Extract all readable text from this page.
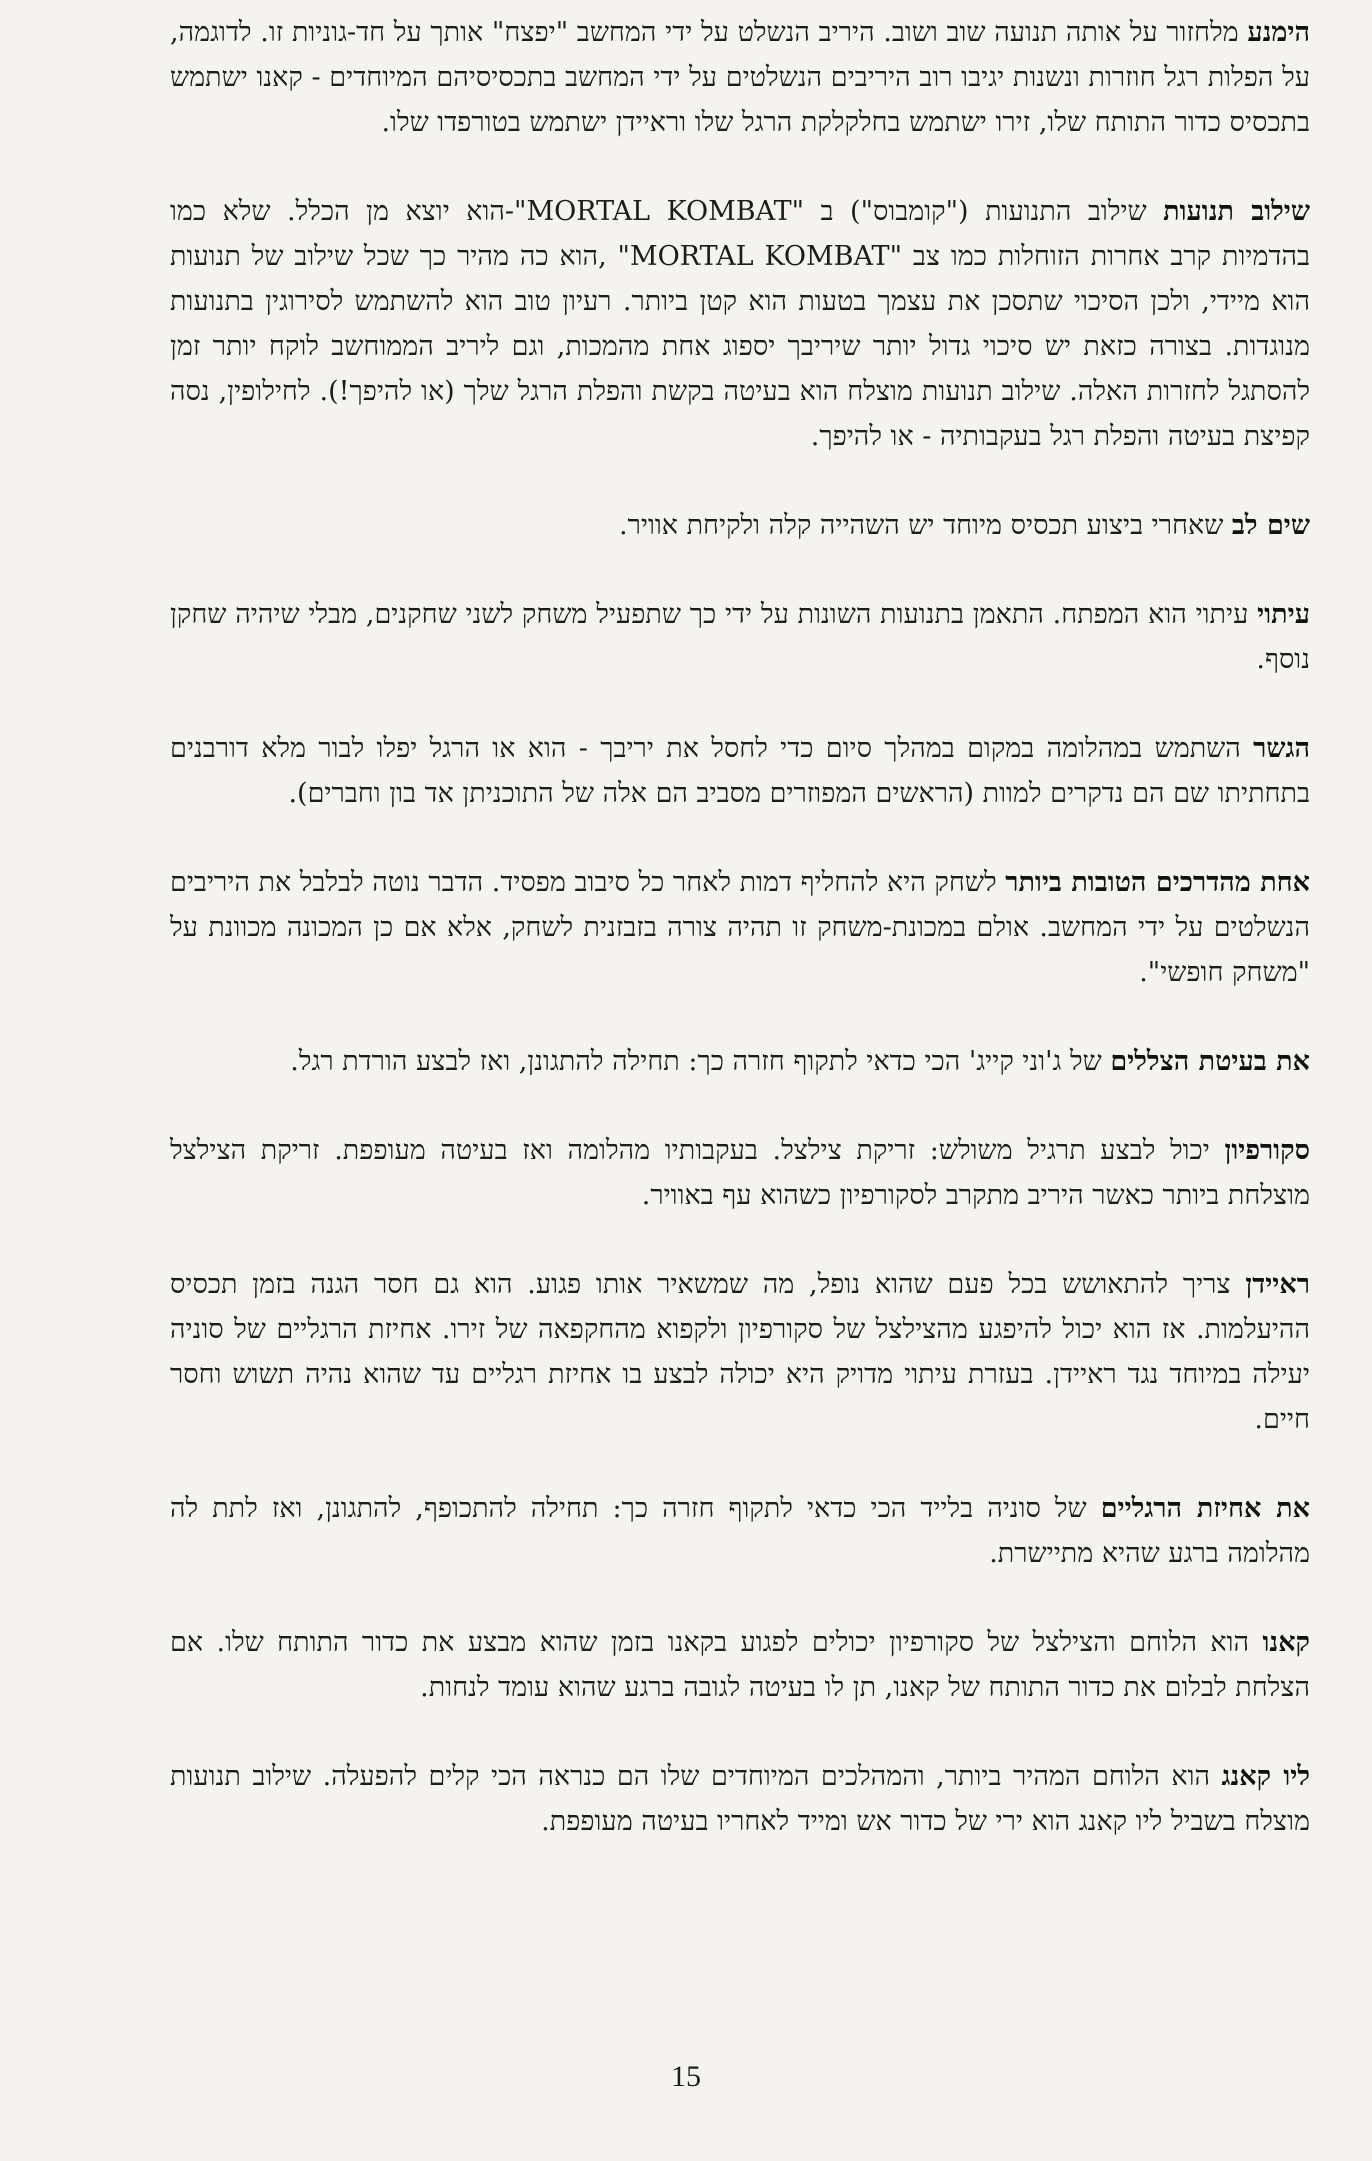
הימנע מלחזור על אותה תנועה שוב ושוב. היריב הנשלט על ידי המחשב "יפצח" אותך על חד-גוניות זו. לדוגמה, על הפלות רגל חוזרות ונשנות יגיבו רוב היריבים הנשלטים על ידי המחשב בתכסיסיהם המיוחדים - קאנו ישתמש בתכסיס כדור התותח שלו, זירו ישתמש בחלקלקת הרגל שלו וראיידן ישתמש בטורפדו שלו.

שילוב תנועות שילוב התנועות ("קומבוס") ב "MORTAL KOMBAT"-הוא יוצא מן הכלל. שלא כמו בהדמיות קרב אחרות הזוחלות כמו צב "MORTAL KOMBAT" ,הוא כה מהיר כך שכל שילוב של תנועות הוא מיידי, ולכן הסיכוי שתסכן את עצמך בטעות הוא קטן ביותר. רעיון טוב הוא להשתמש לסירוגין בתנועות מנוגדות. בצורה כזאת יש סיכוי גדול יותר שיריבך יספוג אחת מהמכות, וגם ליריב הממוחשב לוקח יותר זמן להסתגל לחזרות האלה. שילוב תנועות מוצלח הוא בעיטה בקשת והפלת הרגל שלך (או להיפך!). לחילופין, נסה קפיצת בעיטה והפלת רגל בעקבותיה - או להיפך.

שים לב שאחרי ביצוע תכסיס מיוחד יש השהייה קלה ולקיחת אוויר.

עיתוי עיתוי הוא המפתח. התאמן בתנועות השונות על ידי כך שתפעיל משחק לשני שחקנים, מבלי שיהיה שחקן נוסף.

הגשר השתמש במהלומה במקום במהלך סיום כדי לחסל את יריבך - הוא או הרגל יפלו לבור מלא דורבנים בתחתיתו שם הם נדקרים למוות (הראשים המפוזרים מסביב הם אלה של התוכניתן אד בון וחברים).

אחת מהדרכים הטובות ביותר לשחק היא להחליף דמות לאחר כל סיבוב מפסיד. הדבר נוטה לבלבל את היריבים הנשלטים על ידי המחשב. אולם במכונת-משחק זו תהיה צורה בזבזנית לשחק, אלא אם כן המכונה מכוונת על "משחק חופשי".

את בעיטת הצללים של ג'וני קייג' הכי כדאי לתקוף חזרה כך: תחילה להתגונן, ואז לבצע הורדת רגל.

סקורפיון יכול לבצע תרגיל משולש: זריקת צילצל. בעקבותיו מהלומה ואז בעיטה מעופפת. זריקת הצילצל מוצלחת ביותר כאשר היריב מתקרב לסקורפיון כשהוא עף באוויר.

ראיידן צריך להתאושש בכל פעם שהוא נופל, מה שמשאיר אותו פגוע. הוא גם חסר הגנה בזמן תכסיס ההיעלמות. אז הוא יכול להיפגע מהצילצל של סקורפיון ולקפוא מהחקפאה של זירו. אחיזת הרגליים של סוניה יעילה במיוחד נגד ראיידן. בעזרת עיתוי מדויק היא יכולה לבצע בו אחיזת רגליים עד שהוא נהיה תשוש וחסר חיים.

את אחיזת הרגליים של סוניה בלייד הכי כדאי לתקוף חזרה כך: תחילה להתכופף, להתגונן, ואז לתת לה מהלומה ברגע שהיא מתיישרת.

קאנו הוא הלוחם והצילצל של סקורפיון יכולים לפגוע בקאנו בזמן שהוא מבצע את כדור התותח שלו. אם הצלחת לבלום את כדור התותח של קאנו, תן לו בעיטה לגובה ברגע שהוא עומד לנחות.

ליו קאנג הוא הלוחם המהיר ביותר, והמהלכים המיוחדים שלו הם כנראה הכי קלים להפעלה. שילוב תנועות מוצלח בשביל ליו קאנג הוא ירי של כדור אש ומייד לאחריו בעיטה מעופפת.

15
